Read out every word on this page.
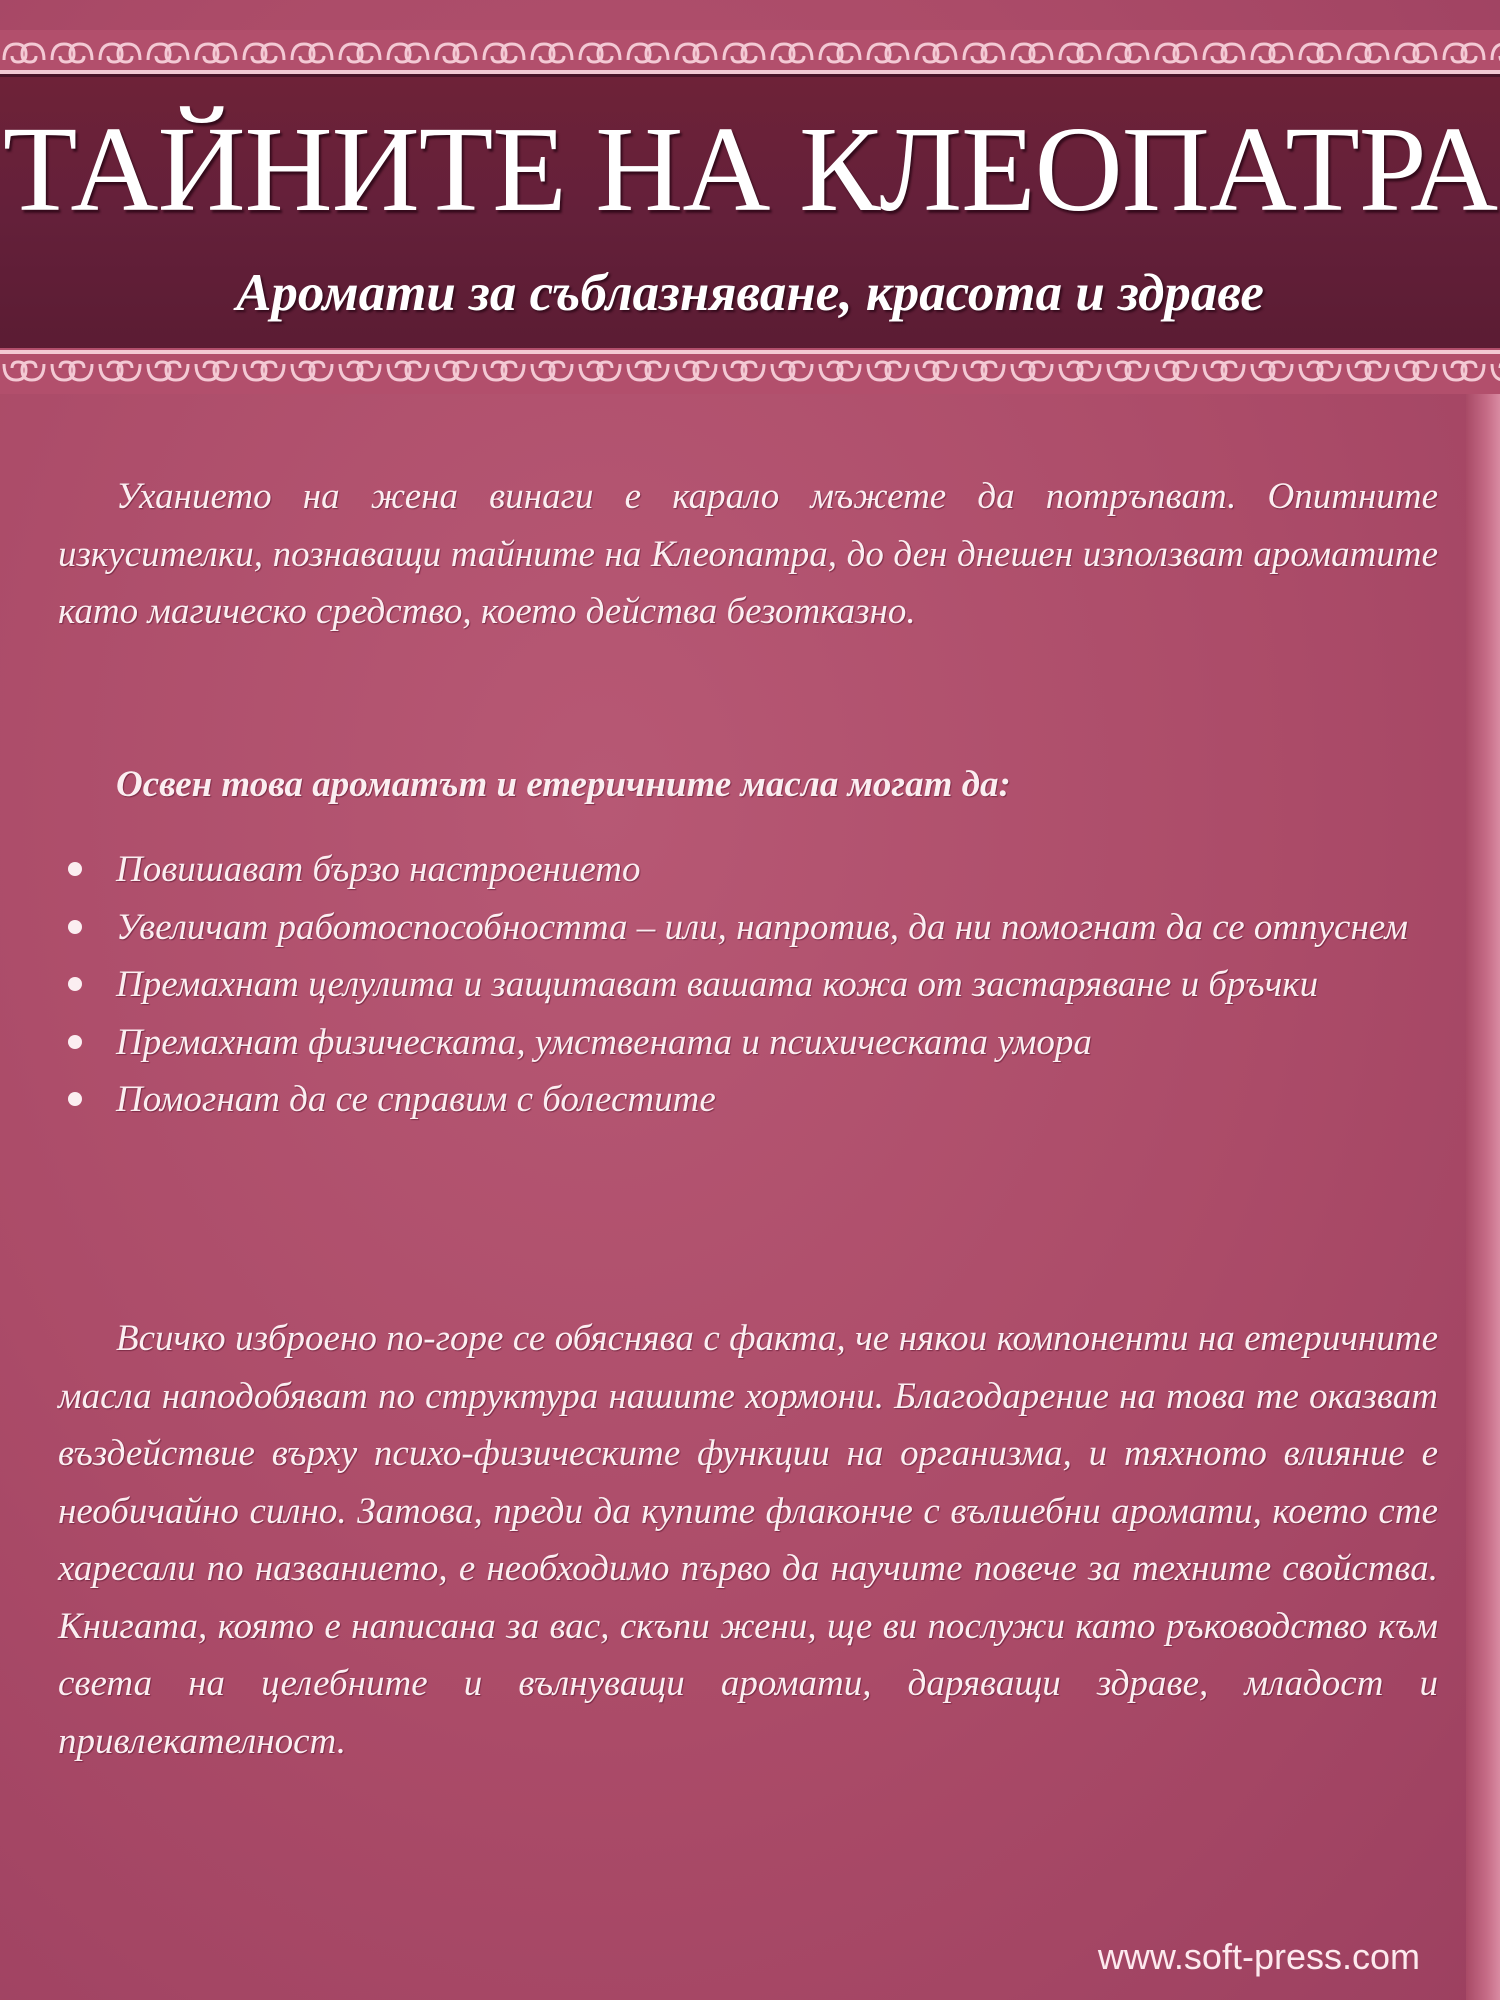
ТАЙНИТЕ НА КЛЕОПАТРА
Аромати за съблазняване, красота и здраве

Уханието на жена винаги е карало мъжете да потръпват. Опитните изкусителки, познаващи тайните на Клеопатра, до ден днешен използват ароматите като магическо средство, което действа безотказно.

Освен това ароматът и етеричните масла могат да:

Повишават бързо настроението
Увеличат работоспособността – или, напротив, да ни помогнат да се отпуснем
Премахнат целулита и защитават вашата кожа от застаряване и бръчки
Премахнат физическата, умствената и психическата умора
Помогнат да се справим с болестите

Всичко изброено по-горе се обяснява с факта, че някои компоненти на етеричните масла наподобяват по структура нашите хормони. Благодарение на това те оказват въздействие върху психо-физическите функции на организма, и тяхното влияние е необичайно силно. Затова, преди да купите флаконче с вълшебни аромати, което сте харесали по названието, е необходимо първо да научите повече за техните свойства. Книгата, която е написана за вас, скъпи жени, ще ви послужи като ръководство към света на целебните и вълнуващи аромати, даряващи здраве, младост и привлекателност.

www.soft-press.com
